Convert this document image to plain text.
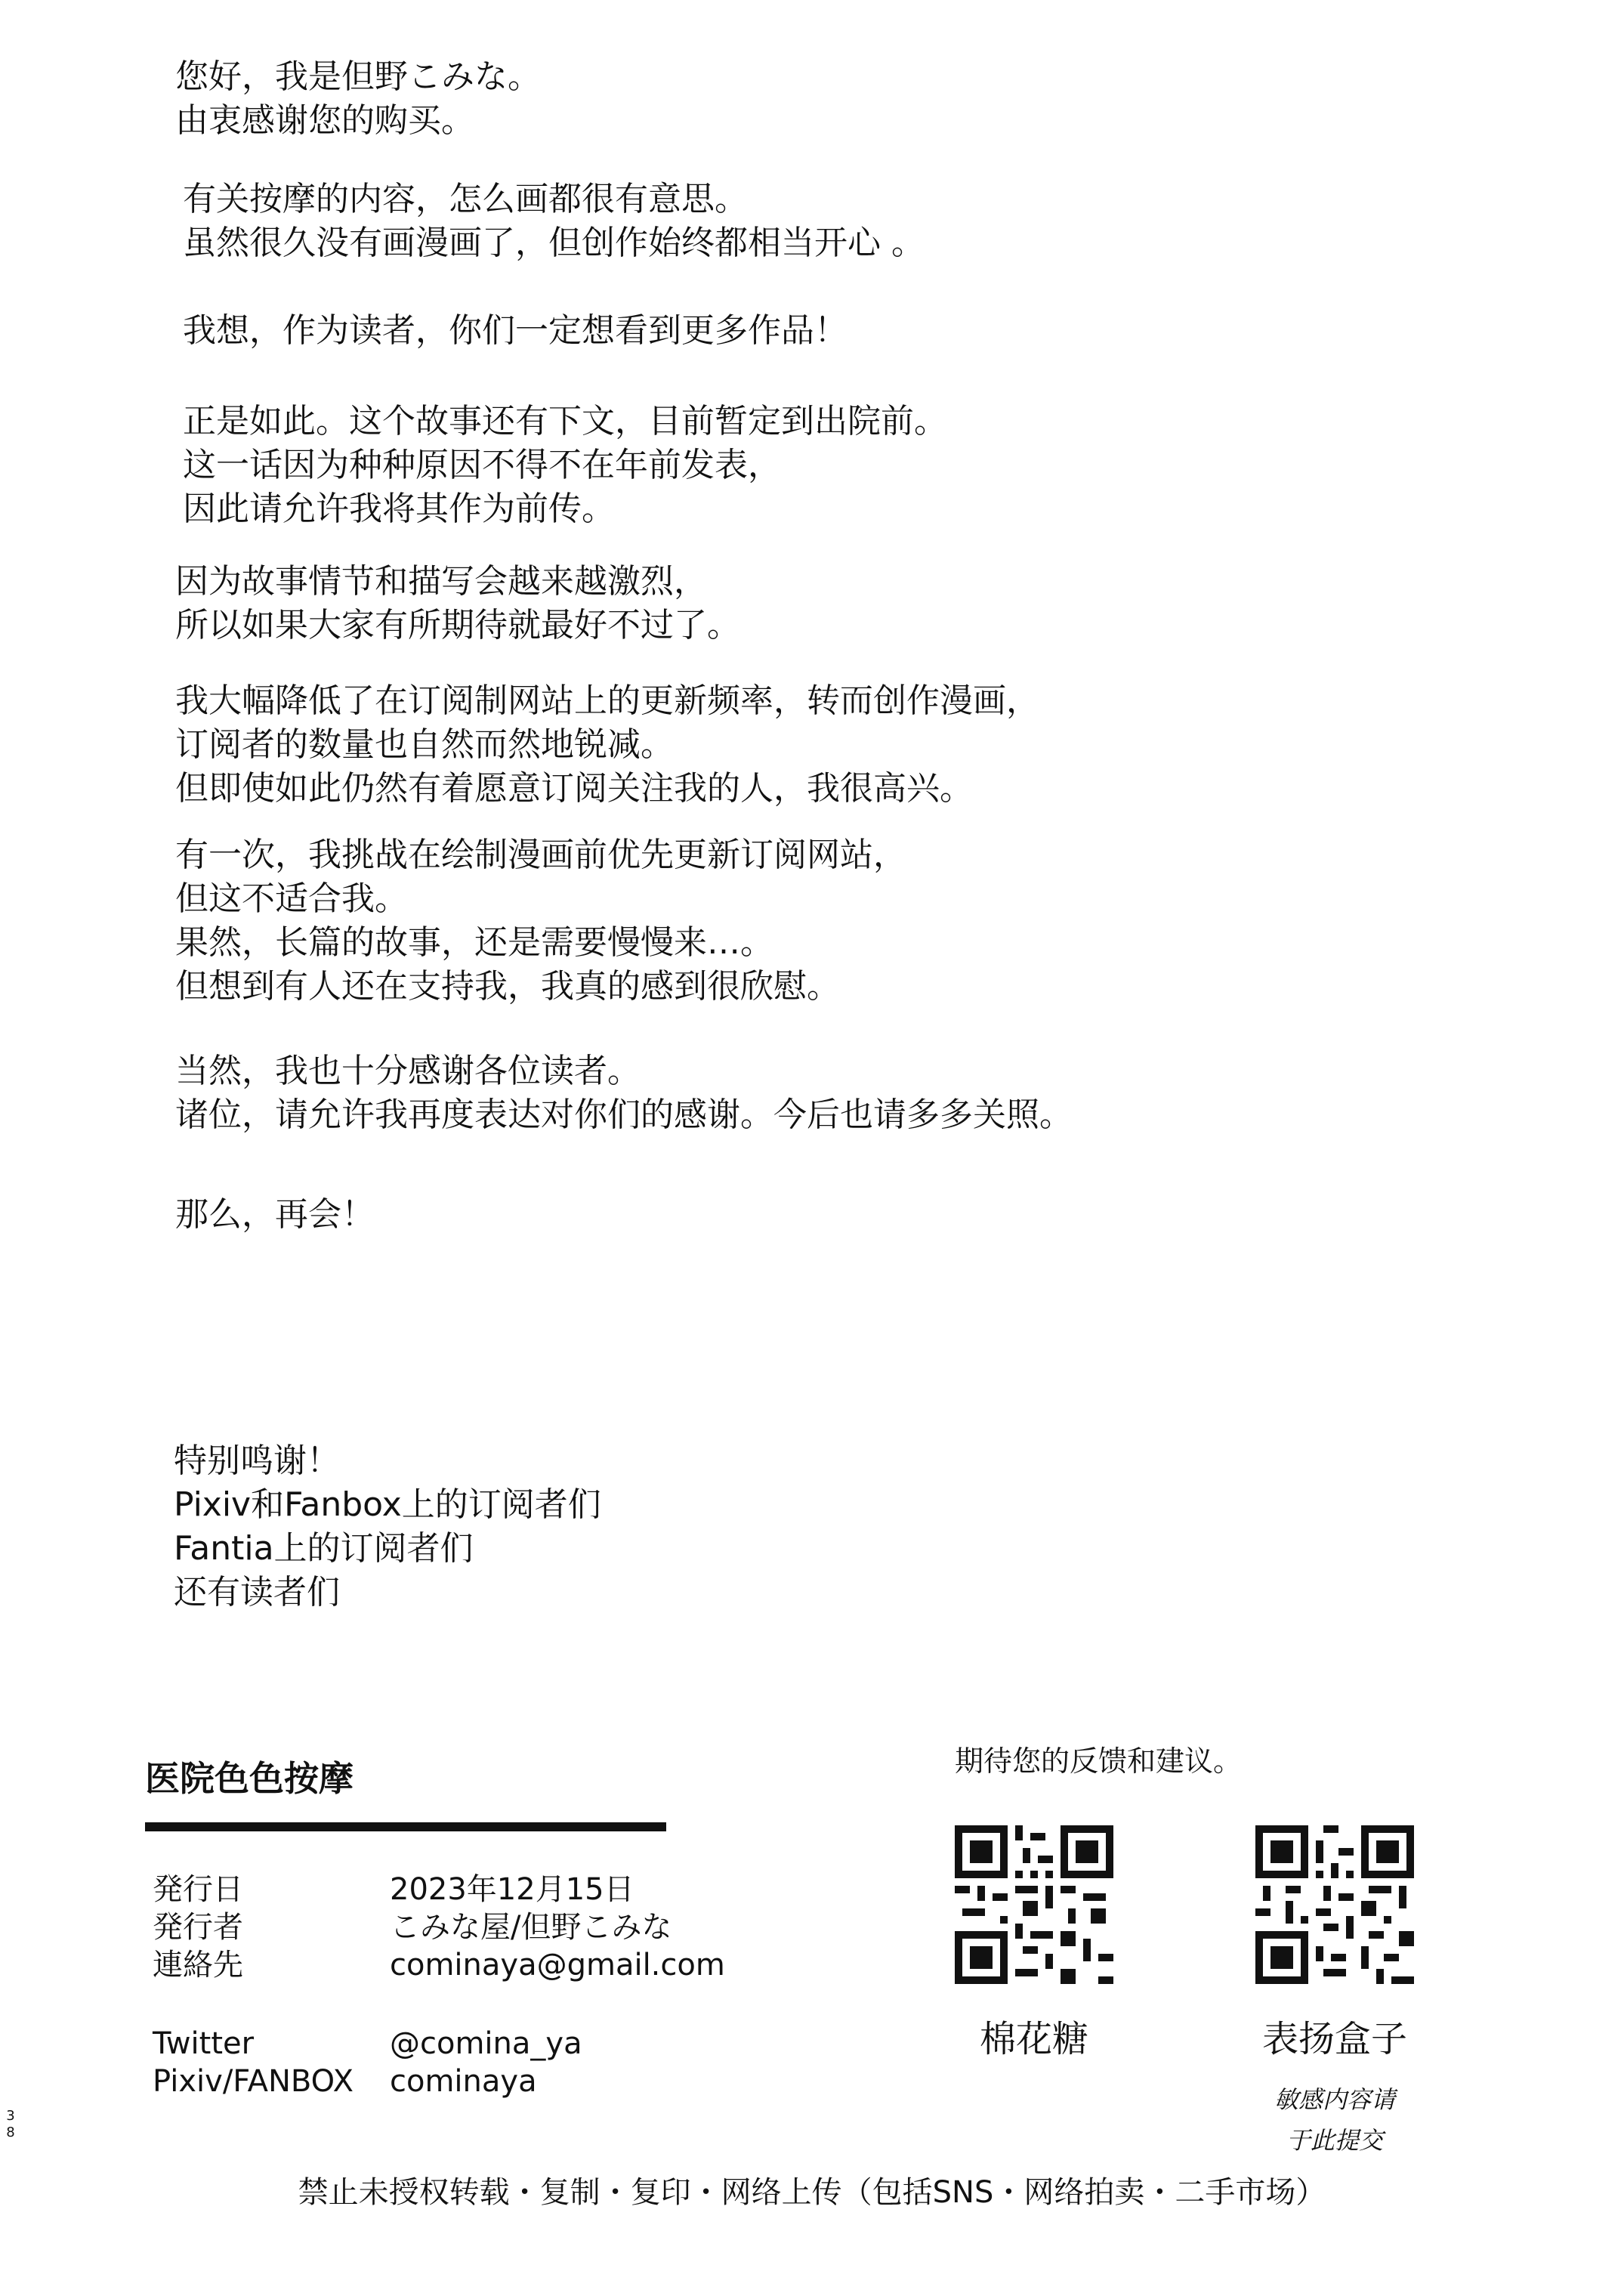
您好，我是但野こみな。
由衷感谢您的购买。
有关按摩的内容，怎么画都很有意思。
虽然很久没有画漫画了，但创作始终都相当开心 。
我想，作为读者，你们一定想看到更多作品！
正是如此。这个故事还有下文，目前暂定到出院前。
这一话因为种种原因不得不在年前发表，
因此请允许我将其作为前传。
因为故事情节和描写会越来越激烈，
所以如果大家有所期待就最好不过了。
我大幅降低了在订阅制网站上的更新频率，转而创作漫画，
订阅者的数量也自然而然地锐减。
但即使如此仍然有着愿意订阅关注我的人，我很高兴。
有一次，我挑战在绘制漫画前优先更新订阅网站，
但这不适合我。
果然，长篇的故事，还是需要慢慢来…。
但想到有人还在支持我，我真的感到很欣慰。
当然，我也十分感谢各位读者。
诸位，请允许我再度表达对你们的感谢。今后也请多多关照。
那么，再会！
特别鸣谢！
Pixiv和Fanbox上的订阅者们
Fantia上的订阅者们
还有读者们
医院色色按摩
発行日	2023年12月15日
発行者	こみな屋/但野こみな
連絡先	cominaya@gmail.com
Twitter	@comina_ya
Pixiv/FANBOX cominaya
期待您的反馈和建议。
棉花糖	表扬盒子
敏感内容请
于此提交
38
禁止未授权转载・复制・复印・网络上传（包括SNS・网络拍卖・二手市场）
